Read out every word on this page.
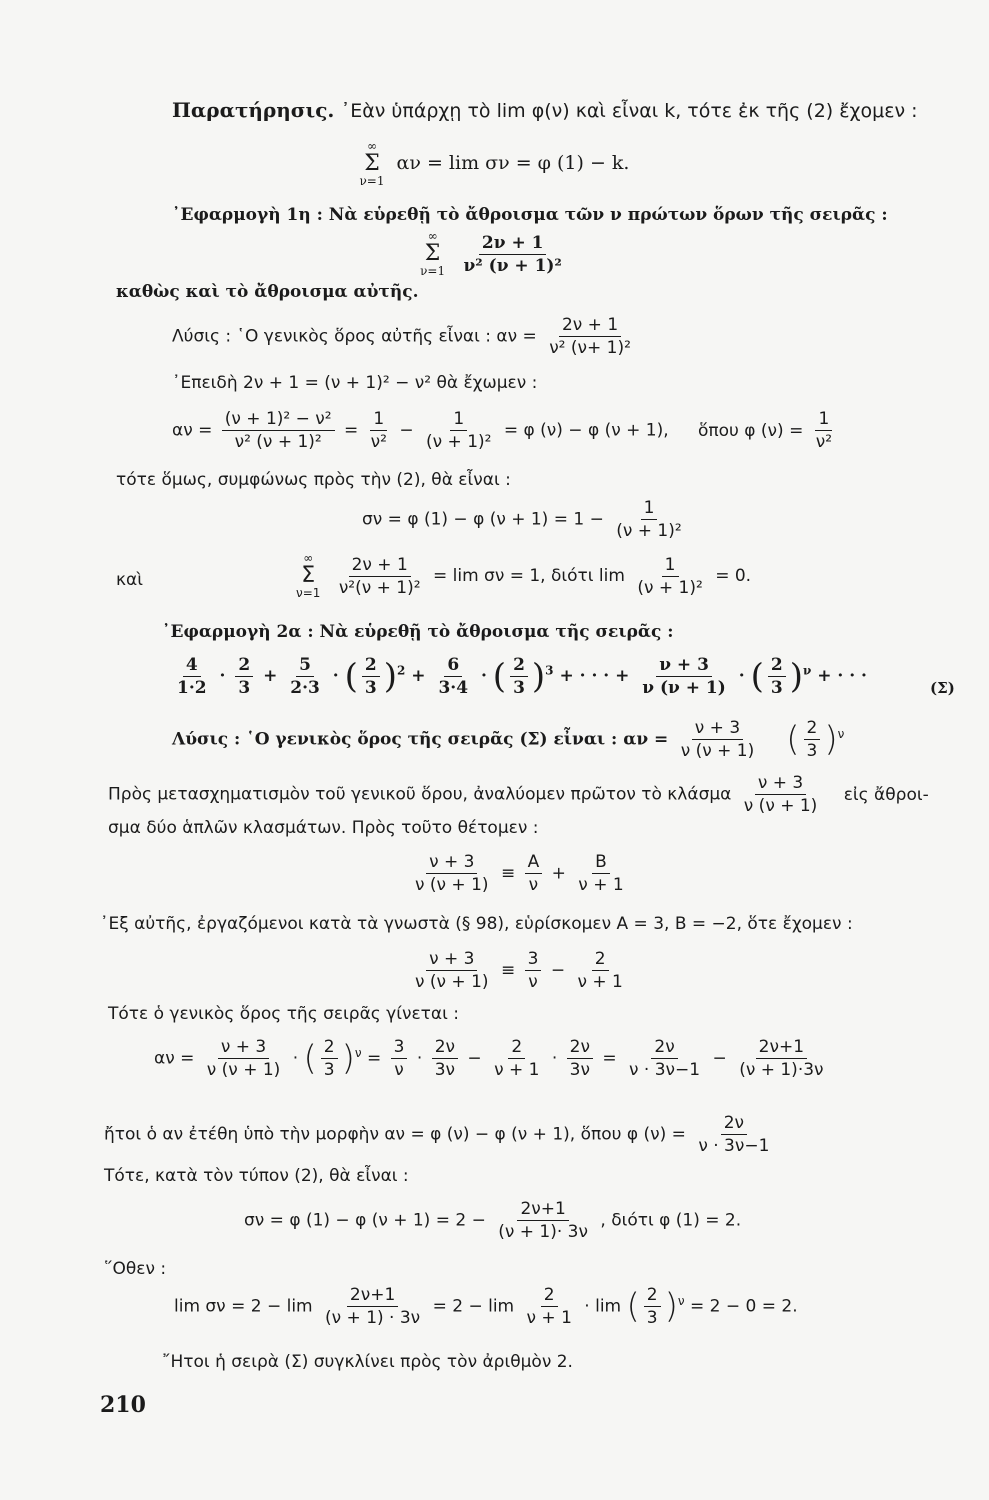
Παρατήρησις. ᾿Εὰν ὑπάρχῃ τὸ lim φ(ν) καὶ εἶναι k, τότε ἐκ τῆς (2) ἔχομεν :
∞
Σ
ν=1
αν = lim σν = φ (1) − k.
᾿Εφαρμογὴ 1η : Νὰ εὑρεθῇ τὸ ἄθροισμα τῶν ν πρώτων ὅρων τῆς σειρᾶς :
∞
Σ
ν=1
$\frac{2\nu + 1}{\text{ν² (ν + 1)²}}$
καθὼς καὶ τὸ ἄθροισμα αὐτῆς.
Λύσις : ῾Ο γενικὸς ὅρος αὐτῆς εἶναι : $\alpha\nu = \frac{2\nu + 1}{\text{ν² (ν+ 1)²}}$
᾿Επειδὴ 2ν + 1 = (ν + 1)² − ν² θὰ ἔχωμεν :
$\alpha\nu = \frac{\text{(ν + 1)² − ν²}}{\text{ν² (ν + 1)²}} = \frac{1}{\text{ν²}} - \frac{1}{\text{(ν + 1)²}} = \varphi$ (ν) − φ (ν + 1), ὅπου φ $(\nu) = \frac{1}{\text{ν²}}$
τότε ὅμως, συμφώνως πρὸς τὴν (2), θὰ εἶναι :
σν = φ (1) − φ $(\nu + 1) = 1 - \frac{1}{\text{(ν + 1)²}}$
καὶ
∞
Σ
ν=1
$\frac{2\nu + 1}{\text{ν²(ν + 1)²}} = \lim \sigma\nu = 1$, διότι $\lim \frac{1}{\text{(ν + 1)²}} = 0$.
᾿Εφαρμογὴ 2α : Νὰ εὑρεθῇ τὸ ἄθροισμα τῆς σειρᾶς :
$\frac{4}{1\cdot 2} \cdot \frac{2}{3} + \frac{5}{2\cdot 3}$ · ( $\frac{2}{3} )^2 + \frac{6}{3\cdot 4}$ · ( $\frac{2}{3} )^3$ + · · · + $\frac{\nu + 3}{\nu (\nu + 1)}$ · ( $\frac{2}{3} )^\nu$ + · · ·
(Σ)
Λύσις : ῾Ο γενικὸς ὅρος τῆς σειρᾶς (Σ) εἶναι : $\alpha\nu = \frac{\nu + 3}{\nu (\nu + 1)}$ ( $\frac{2}{3} )^\nu$
Πρὸς μετασχηματισμὸν τοῦ γενικοῦ ὅρου, ἀναλύομεν πρῶτον τὸ κλάσμα $\frac{\nu + 3}{\nu (\nu + 1)}$ εἰς ἄθροι-
σμα δύο ἁπλῶν κλασμάτων. Πρὸς τοῦτο θέτομεν :
$\frac{\nu + 3}{\nu (\nu + 1)} \equiv \frac{A}{\nu} + \frac{B}{\nu + 1}$
᾿Εξ αὐτῆς, ἐργαζόμενοι κατὰ τὰ γνωστὰ (§ 98), εὑρίσκομεν A = 3, B = −2, ὅτε ἔχομεν :
$\frac{\nu + 3}{\nu (\nu + 1)} \equiv \frac{3}{\nu} - \frac{2}{\nu + 1}$
Τότε ὁ γενικὸς ὅρος τῆς σειρᾶς γίνεται :
$\alpha\nu = \frac{\nu + 3}{\nu (\nu + 1)}$ · ( $\frac{2}{3} )^\nu = \frac{3}{\nu} \cdot \frac{2\nu}{3\nu} - \frac{2}{\nu + 1} \cdot \frac{2\nu}{3\nu} = \frac{2\nu}{\nu \cdot 3\nu-1} - \frac{2\nu+1}{(\nu + 1)\cdot 3\nu}$
ἤτοι ὁ αν ἐτέθη ὑπὸ τὴν μορφὴν αν = φ (ν) − φ (ν + 1), ὅπου φ $(\nu) = \frac{2\nu}{\nu \cdot 3\nu-1}$
Τότε, κατὰ τὸν τύπον (2), θὰ εἶναι :
σν = φ (1) − φ $(\nu + 1) = 2 - \frac{2\nu+1}{(\nu + 1)\cdot 3\nu}$ , διότι φ (1) = 2.
῞Οθεν :
$\lim \sigma\nu = 2 - \lim \frac{2\nu+1}{(\nu + 1) \cdot 3\nu} = 2 - \lim \frac{2}{\nu + 1} \cdot \lim$ ( $\frac{2}{3} )^\nu = 2 - 0 = 2$.
῎Ητοι ἡ σειρὰ (Σ) συγκλίνει πρὸς τὸν ἀριθμὸν 2.
210
